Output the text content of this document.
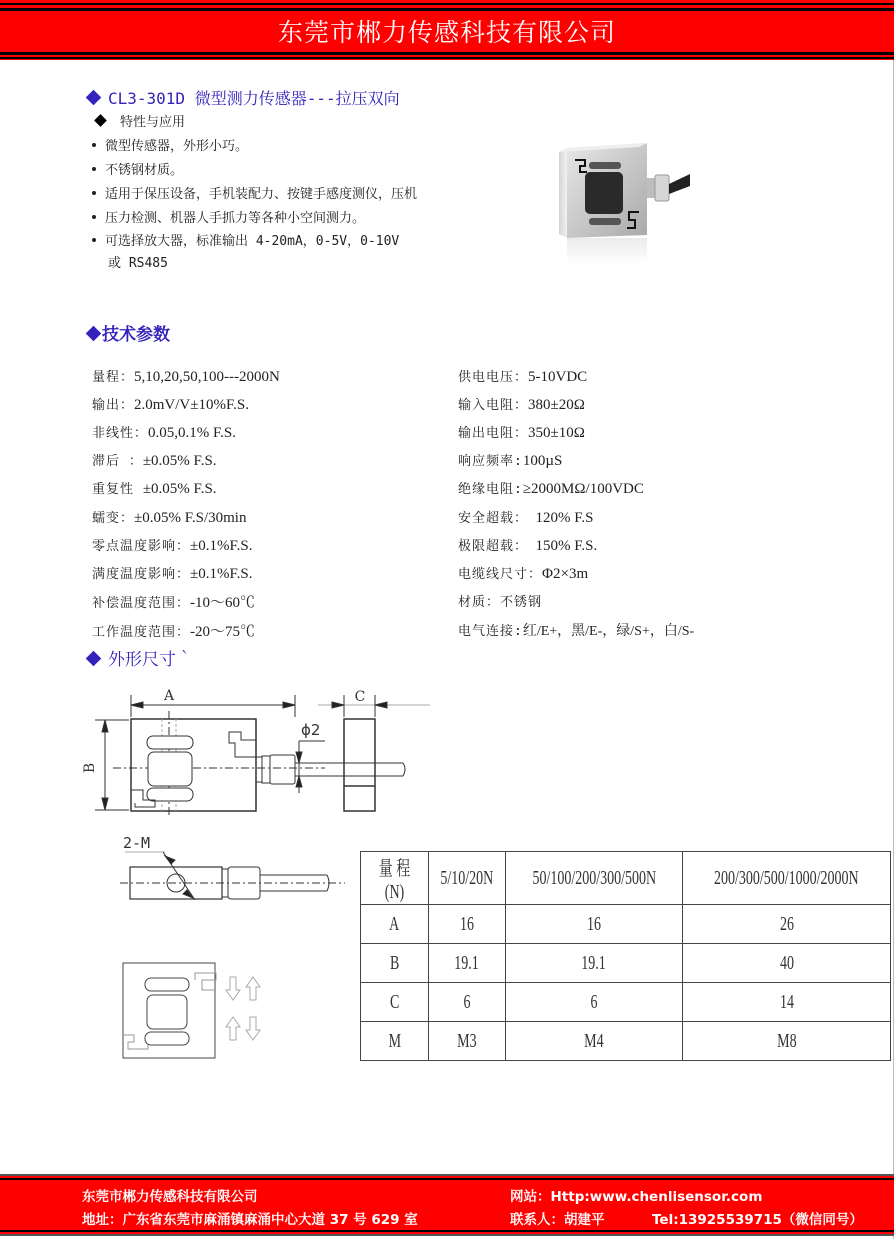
东莞市郴力传感科技有限公司
CL3-301D 微型测力传感器---拉压双向
特性与应用
微型传感器，外形小巧。
不锈钢材质。
适用于保压设备，手机装配力、按键手感度测仪，压机
压力检测、机器人手抓力等各种小空间测力。
可选择放大器，标准输出 4-20mA，0-5V，0-10V
或 RS485
技术参数
量程：5,10,20,50,100---2000N
输出：2.0mV/V±10%F.S.
非线性：0.05,0.1% F.S.
滞后 ：±0.05% F.S.
重复性 ±0.05% F.S.
蠕变：±0.05% F.S/30min
零点温度影响：±0.1%F.S.
满度温度影响：±0.1%F.S.
补偿温度范围：-10～60℃
工作温度范围：-20～75℃
供电电压：5-10VDC
输入电阻：380±20Ω
输出电阻：350±10Ω
响应频率:100µS
绝缘电阻:≥2000MΩ/100VDC
安全超载：  120% F.S
极限超载：  150% F.S.
电缆线尺寸：Φ2×3m
材质：不锈钢
电气连接:红/E+，黑/E-，绿/S+，白/S-
外形尺寸｀
A
B
C
ϕ2
2-M
量 程(N)	5/10/20N	50/100/200/300/500N	200/300/500/1000/2000N
A	16	16	26
B	19.1	19.1	40
C	6	6	14
M	M3	M4	M8
东莞市郴力传感科技有限公司
地址：广东省东莞市麻涌镇麻涌中心大道 37 号 629 室
网站：Http:www.chenlisensor.com
联系人：胡建平	Tel:13925539715（微信同号）
